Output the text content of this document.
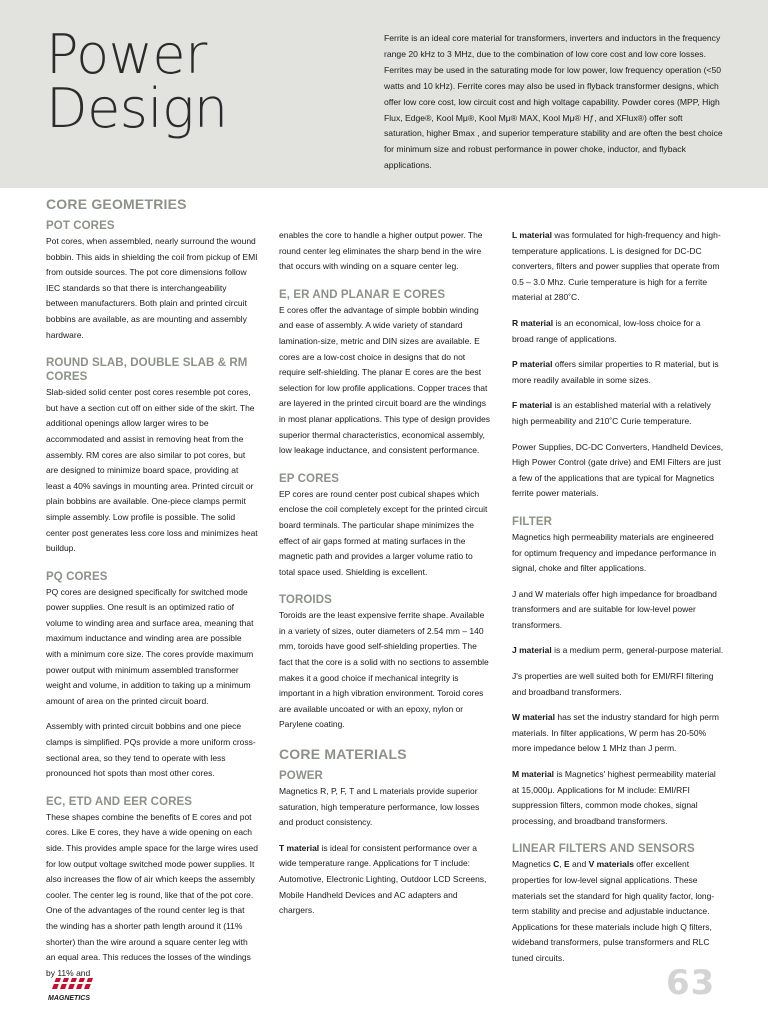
Power
Design
Ferrite is an ideal core material for transformers, inverters and inductors in the frequency range 20 kHz to 3 MHz, due to the combination of low core cost and low core losses. Ferrites may be used in the saturating mode for low power, low frequency operation (<50 watts and 10 kHz). Ferrite cores may also be used in flyback transformer designs, which offer low core cost, low circuit cost and high voltage capability. Powder cores (MPP, High Flux, Edge®, Kool Mμ®, Kool Mμ® MAX, Kool Mμ® Hƒ, and XFlux®) offer soft saturation, higher Bmax , and superior temperature stability and are often the best choice for minimum size and robust performance in power choke, inductor, and flyback applications.
CORE GEOMETRIES
POT CORES

Pot cores, when assembled, nearly surround the wound bobbin. This aids in shielding the coil from pickup of EMI from outside sources. The pot core dimensions follow IEC standards so that there is interchangeability between manufacturers. Both plain and printed circuit bobbins are available, as are mounting and assembly hardware.

ROUND SLAB, DOUBLE SLAB & RM CORES

Slab-sided solid center post cores resemble pot cores, but have a section cut off on either side of the skirt. The additional openings allow larger wires to be accommodated and assist in removing heat from the assembly. RM cores are also similar to pot cores, but are designed to minimize board space, providing at least a 40% savings in mounting area. Printed circuit or plain bobbins are available. One-piece clamps permit simple assembly. Low profile is possible. The solid center post generates less core loss and minimizes heat buildup.

PQ CORES

PQ cores are designed specifically for switched mode power supplies. One result is an optimized ratio of volume to winding area and surface area, meaning that maximum inductance and winding area are possible with a minimum core size. The cores provide maximum power output with minimum assembled transformer weight and volume, in addition to taking up a minimum amount of area on the printed circuit board.

Assembly with printed circuit bobbins and one piece clamps is simplified. PQs provide a more uniform cross-sectional area, so they tend to operate with less pronounced hot spots than most other cores.

EC, ETD AND EER CORES

These shapes combine the benefits of E cores and pot cores. Like E cores, they have a wide opening on each side. This provides ample space for the large wires used for low output voltage switched mode power supplies. It also increases the flow of air which keeps the assembly cooler. The center leg is round, like that of the pot core. One of the advantages of the round center leg is that the winding has a shorter path length around it (11% shorter) than the wire around a square center leg with an equal area. This reduces the losses of the windings by 11% and

enables the core to handle a higher output power. The round center leg eliminates the sharp bend in the wire that occurs with winding on a square center leg.

E, ER AND PLANAR E CORES

E cores offer the advantage of simple bobbin winding and ease of assembly. A wide variety of standard lamination-size, metric and DIN sizes are available. E cores are a low-cost choice in designs that do not require self-shielding. The planar E cores are the best selection for low profile applications. Copper traces that are layered in the printed circuit board are the windings in most planar applications. This type of design provides superior thermal characteristics, economical assembly, low leakage inductance, and consistent performance.

EP CORES

EP cores are round center post cubical shapes which enclose the coil completely except for the printed circuit board terminals. The particular shape minimizes the effect of air gaps formed at mating surfaces in the magnetic path and provides a larger volume ratio to total space used. Shielding is excellent.

TOROIDS

Toroids are the least expensive ferrite shape. Available in a variety of sizes, outer diameters of 2.54 mm – 140 mm, toroids have good self-shielding properties. The fact that the core is a solid with no sections to assemble makes it a good choice if mechanical integrity is important in a high vibration environment. Toroid cores are available uncoated or with an epoxy, nylon or Parylene coating.

CORE MATERIALS
POWER

Magnetics R, P, F, T and L materials provide superior saturation, high temperature performance, low losses and product consistency.

T material is ideal for consistent performance over a wide temperature range. Applications for T include: Automotive, Electronic Lighting, Outdoor LCD Screens, Mobile Handheld Devices and AC adapters and chargers.

L material was formulated for high-frequency and high-temperature applications. L is designed for DC-DC converters, filters and power supplies that operate from 0.5 – 3.0 Mhz. Curie temperature is high for a ferrite material at 280˚C.

R material is an economical, low-loss choice for a broad range of applications.

P material offers similar properties to R material, but is more readily available in some sizes.

F material is an established material with a relatively high permeability and 210˚C Curie temperature.

Power Supplies, DC-DC Converters, Handheld Devices, High Power Control (gate drive) and EMI Filters are just a few of the applications that are typical for Magnetics ferrite power materials.

FILTER

Magnetics high permeability materials are engineered for optimum frequency and impedance performance in signal, choke and filter applications.

J and W materials offer high impedance for broadband transformers and are suitable for low-level power transformers.

J material is a medium perm, general-purpose material.

J's properties are well suited both for EMI/RFI filtering and broadband transformers.

W material has set the industry standard for high perm materials. In filter applications, W perm has 20-50% more impedance below 1 MHz than J perm.

M material is Magnetics' highest permeability material at 15,000μ. Applications for M include: EMI/RFI suppression filters, common mode chokes, signal processing, and broadband transformers.

LINEAR FILTERS AND SENSORS

Magnetics C, E and V materials offer excellent properties for low-level signal applications. These materials set the standard for high quality factor, long-term stability and precise and adjustable inductance. Applications for these materials include high Q filters, wideband transformers, pulse transformers and RLC tuned circuits.

MAGNETICS	63
